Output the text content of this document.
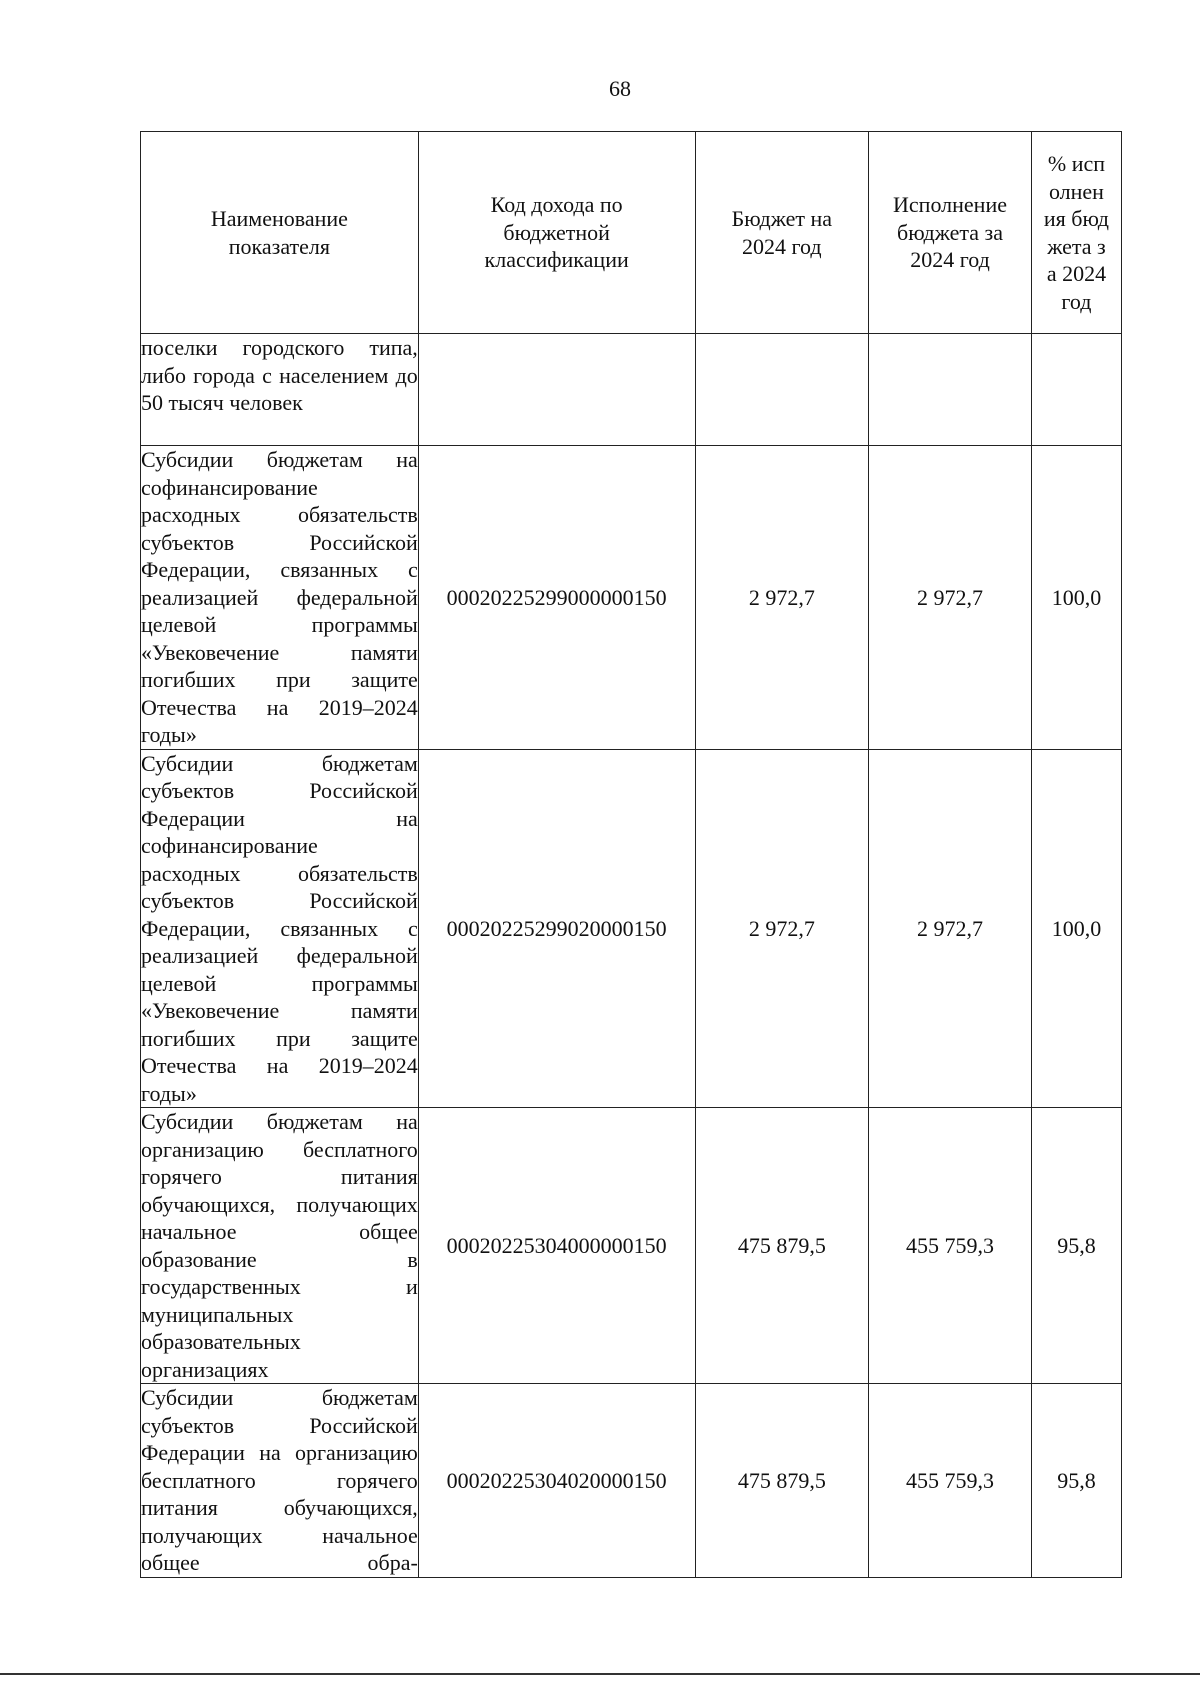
68
Наименование показателя	Код дохода по бюджетной классификации	Бюджет на 2024 год	Исполнение бюджета за 2024 год	% исполнения бюджета за 2024 год
поселки городского типа, либо города с населением до 50 тысяч человек				
Субсидии бюджетам на софинансирование расходных обязательств субъектов Российской Федерации, связанных с реализацией федеральной целевой программы «Увековечение памяти погибших при защите Отечества на 2019–2024 годы»	00020225299000000150	2 972,7	2 972,7	100,0
Субсидии бюджетам субъектов Российской Федерации на софинансирование расходных обязательств субъектов Российской Федерации, связанных с реализацией федеральной целевой программы «Увековечение памяти погибших при защите Отечества на 2019–2024 годы»	00020225299020000150	2 972,7	2 972,7	100,0
Субсидии бюджетам на организацию бесплатного горячего питания обучающихся, получающих начальное общее образование в государственных и муниципальных образовательных организациях	00020225304000000150	475 879,5	455 759,3	95,8
Субсидии бюджетам субъектов Российской Федерации на организацию бесплатного горячего питания обучающихся, получающих начальное общее обра-	00020225304020000150	475 879,5	455 759,3	95,8
